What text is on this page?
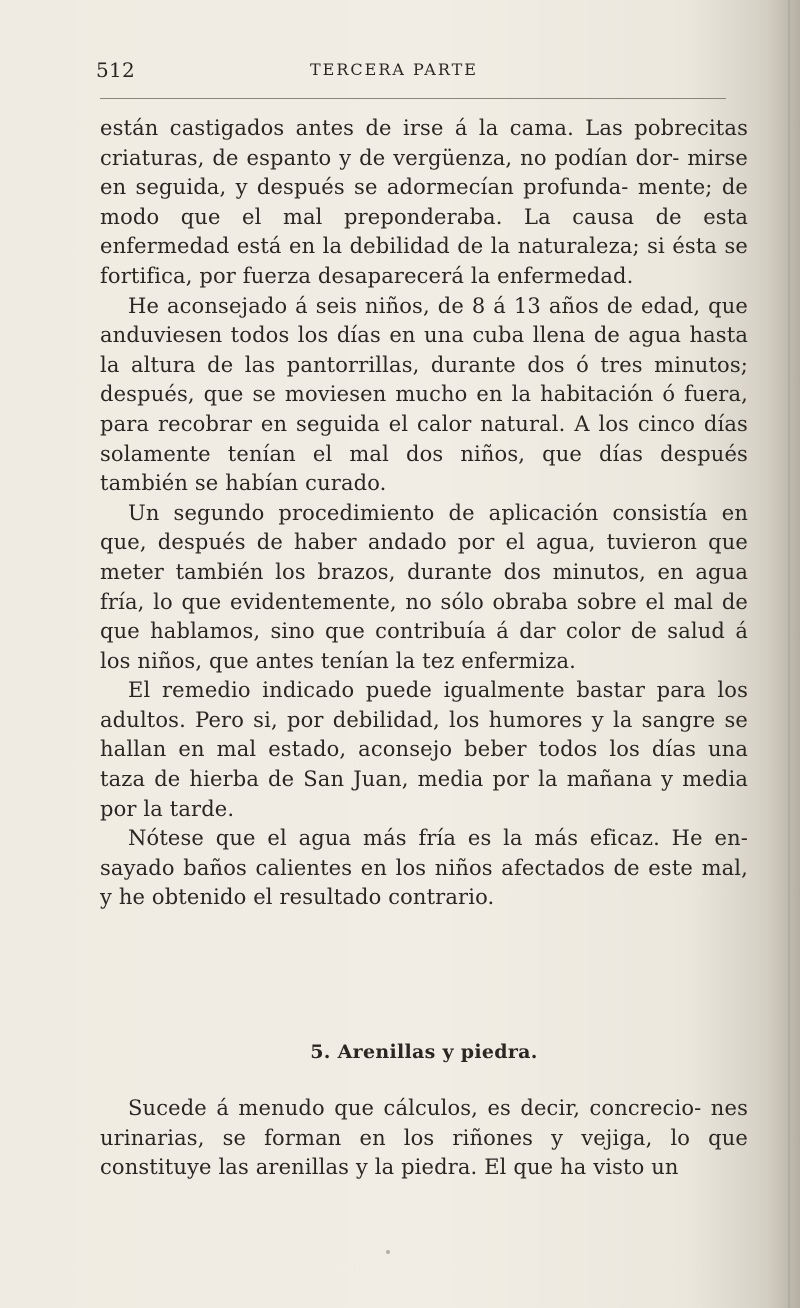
512	TERCERA PARTE

están castigados antes de irse á la cama. Las pobrecitas criaturas, de espanto y de vergüenza, no podían dor- mirse en seguida, y después se adormecían profunda- mente; de modo que el mal preponderaba. La causa de esta enfermedad está en la debilidad de la naturaleza; si ésta se fortifica, por fuerza desaparecerá la enfermedad.

He aconsejado á seis niños, de 8 á 13 años de edad, que anduviesen todos los días en una cuba llena de agua hasta la altura de las pantorrillas, durante dos ó tres minutos; después, que se moviesen mucho en la habitación ó fuera, para recobrar en seguida el calor natural. A los cinco días solamente tenían el mal dos niños, que días después también se habían curado.

Un segundo procedimiento de aplicación consistía en que, después de haber andado por el agua, tuvieron que meter también los brazos, durante dos minutos, en agua fría, lo que evidentemente, no sólo obraba sobre el mal de que hablamos, sino que contribuía á dar color de salud á los niños, que antes tenían la tez enfermiza.

El remedio indicado puede igualmente bastar para los adultos. Pero si, por debilidad, los humores y la sangre se hallan en mal estado, aconsejo beber todos los días una taza de hierba de San Juan, media por la mañana y media por la tarde.

Nótese que el agua más fría es la más eficaz. He en- sayado baños calientes en los niños afectados de este mal, y he obtenido el resultado contrario.

5. Arenillas y piedra.

Sucede á menudo que cálculos, es decir, concrecio- nes urinarias, se forman en los riñones y vejiga, lo que constituye las arenillas y la piedra. El que ha visto un
